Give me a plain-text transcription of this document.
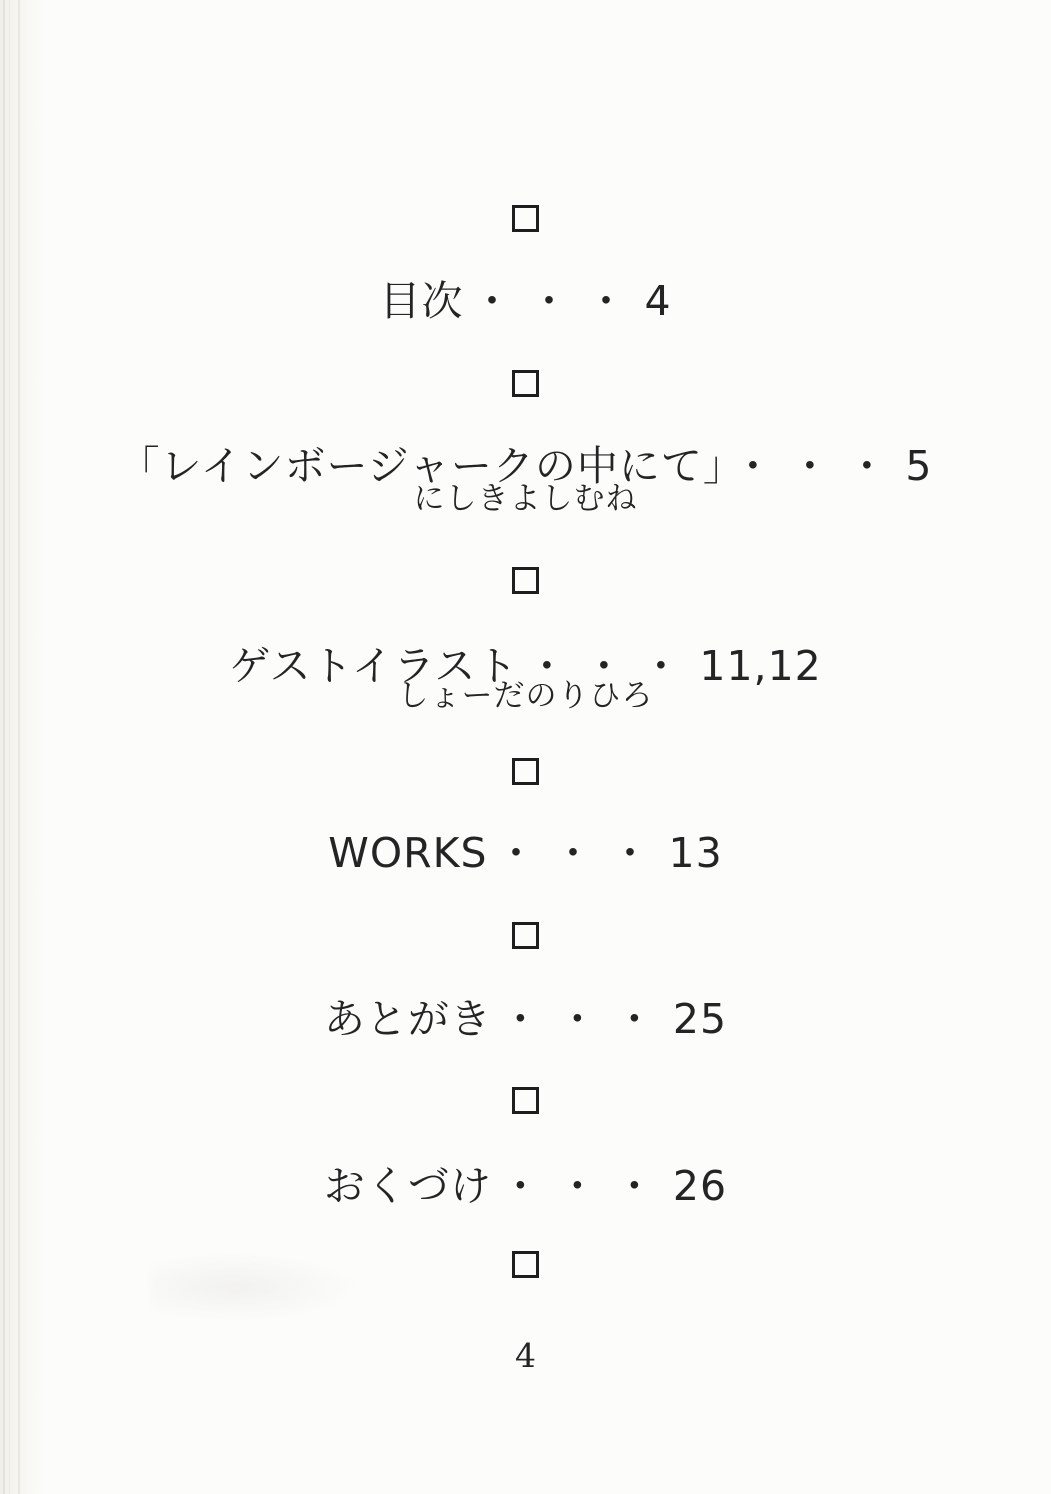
目次 ・・・4
「レインボージャークの中にて」 ・・・5
にしきよしむね
ゲストイラスト ・・・11,12
しょーだのりひろ
WORKS ・・・13
あとがき ・・・25
おくづけ ・・・26
4
